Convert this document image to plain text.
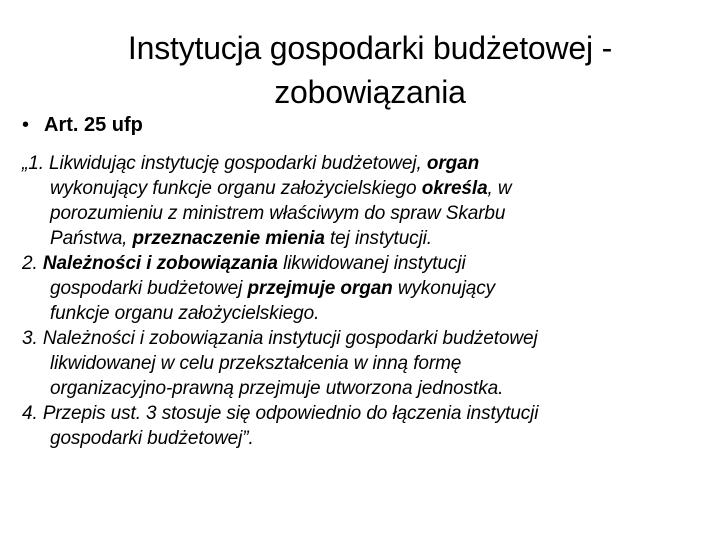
Instytucja gospodarki budżetowej -
zobowiązania
• Art. 25 ufp
„1. Likwidując instytucję gospodarki budżetowej, organ
wykonujący funkcje organu założycielskiego określa, w
porozumieniu z ministrem właściwym do spraw Skarbu
Państwa, przeznaczenie mienia tej instytucji.
2. Należności i zobowiązania likwidowanej instytucji
gospodarki budżetowej przejmuje organ wykonujący
funkcje organu założycielskiego.
3. Należności i zobowiązania instytucji gospodarki budżetowej
likwidowanej w celu przekształcenia w inną formę
organizacyjno-prawną przejmuje utworzona jednostka.
4. Przepis ust. 3 stosuje się odpowiednio do łączenia instytucji
gospodarki budżetowej”.
